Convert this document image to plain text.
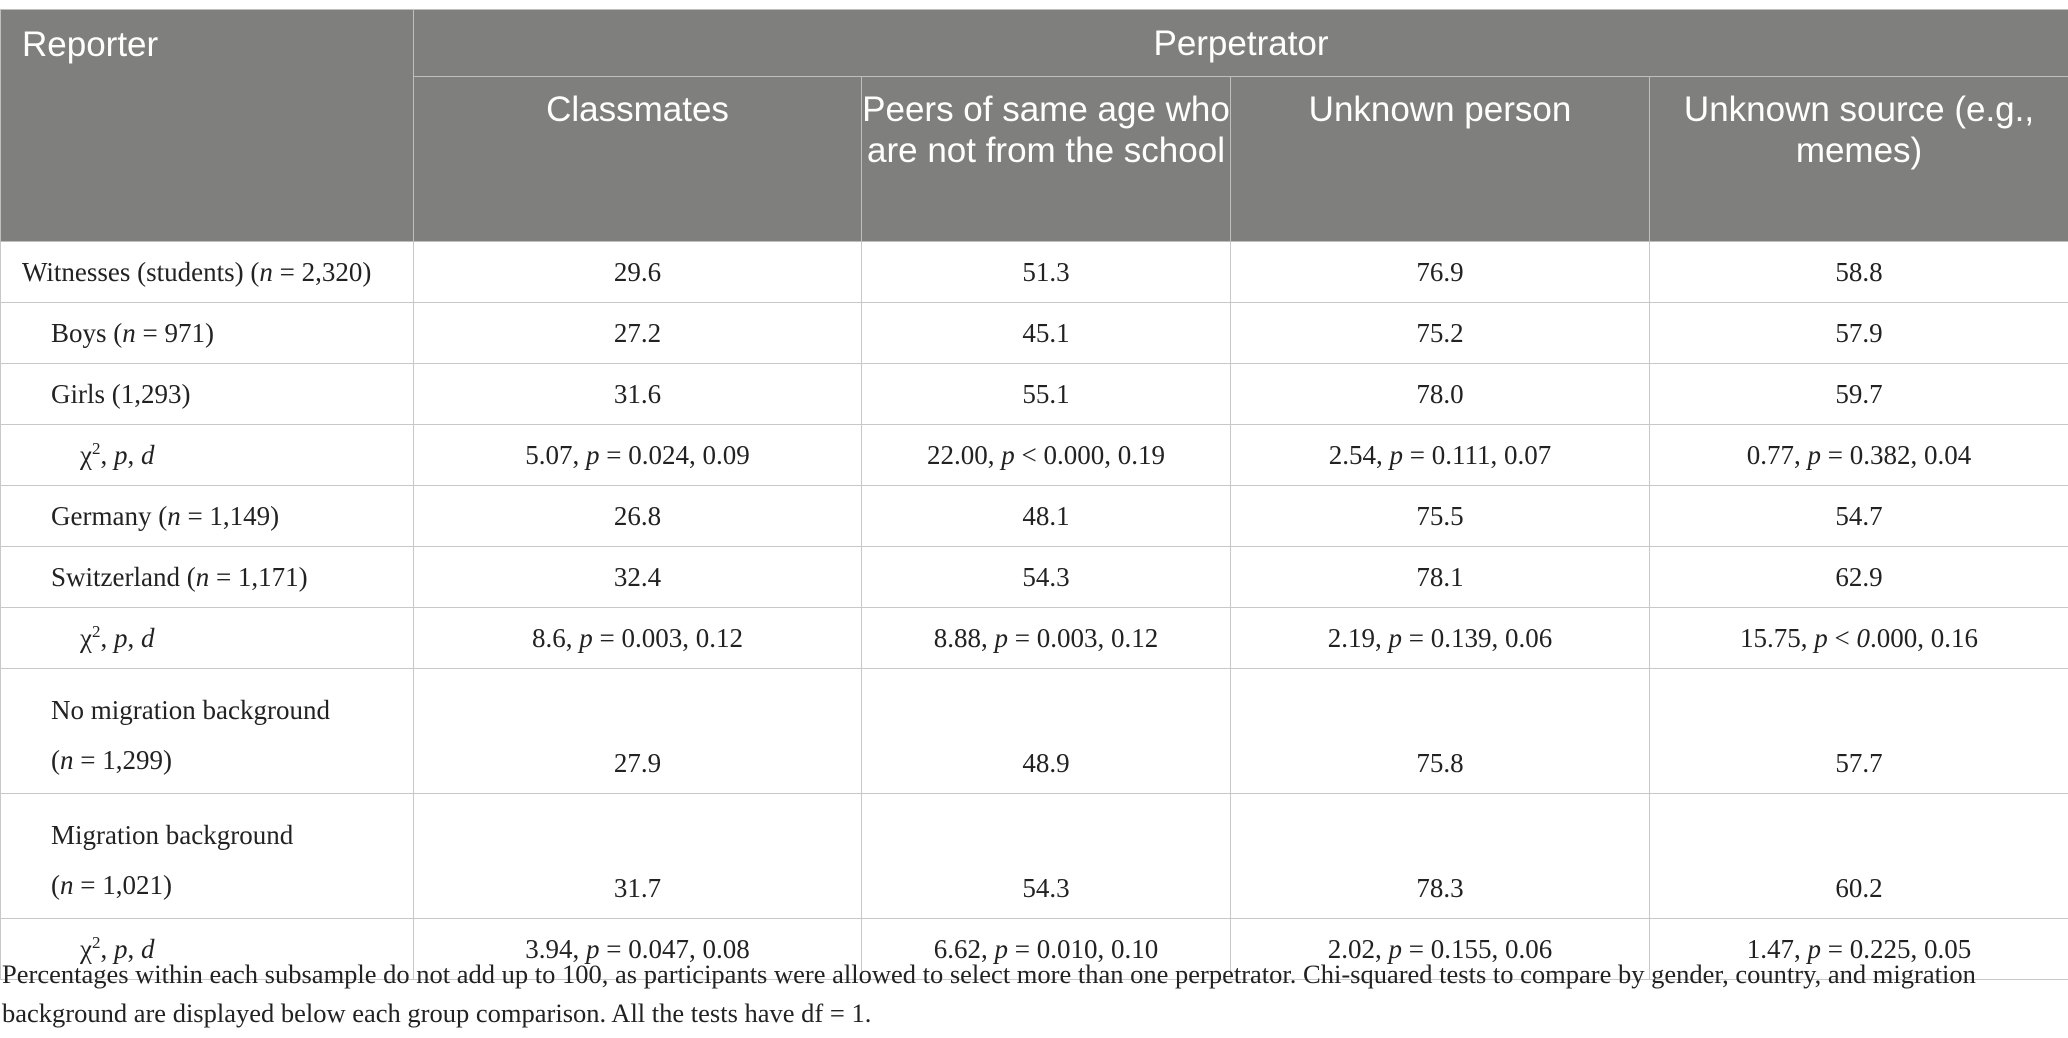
Reporter	Perpetrator			
	Classmates	Peers of same age who are not from the school	Unknown person	Unknown source (e.g., memes)
Witnesses (students) (n = 2,320)	29.6	51.3	76.9	58.8
Boys (n = 971)	27.2	45.1	75.2	57.9
Girls (1,293)	31.6	55.1	78.0	59.7
$\chi^2$, p, d	5.07, p = 0.024, 0.09	22.00, p < 0.000, 0.19	2.54, p = 0.111, 0.07	0.77, p = 0.382, 0.04
Germany (n = 1,149)	26.8	48.1	75.5	54.7
Switzerland (n = 1,171)	32.4	54.3	78.1	62.9
$\chi^2$, p, d	8.6, p = 0.003, 0.12	8.88, p = 0.003, 0.12	2.19, p = 0.139, 0.06	15.75, p < 0.000, 0.16
No migration background
(n = 1,299)	27.9	48.9	75.8	57.7
Migration background
(n = 1,021)	31.7	54.3	78.3	60.2
$\chi^2$, p, d	3.94, p = 0.047, 0.08	6.62, p = 0.010, 0.10	2.02, p = 0.155, 0.06	1.47, p = 0.225, 0.05
Percentages within each subsample do not add up to 100, as participants were allowed to select more than one perpetrator. Chi-squared tests to compare by gender, country, and migration background are displayed below each group comparison. All the tests have df = 1.
